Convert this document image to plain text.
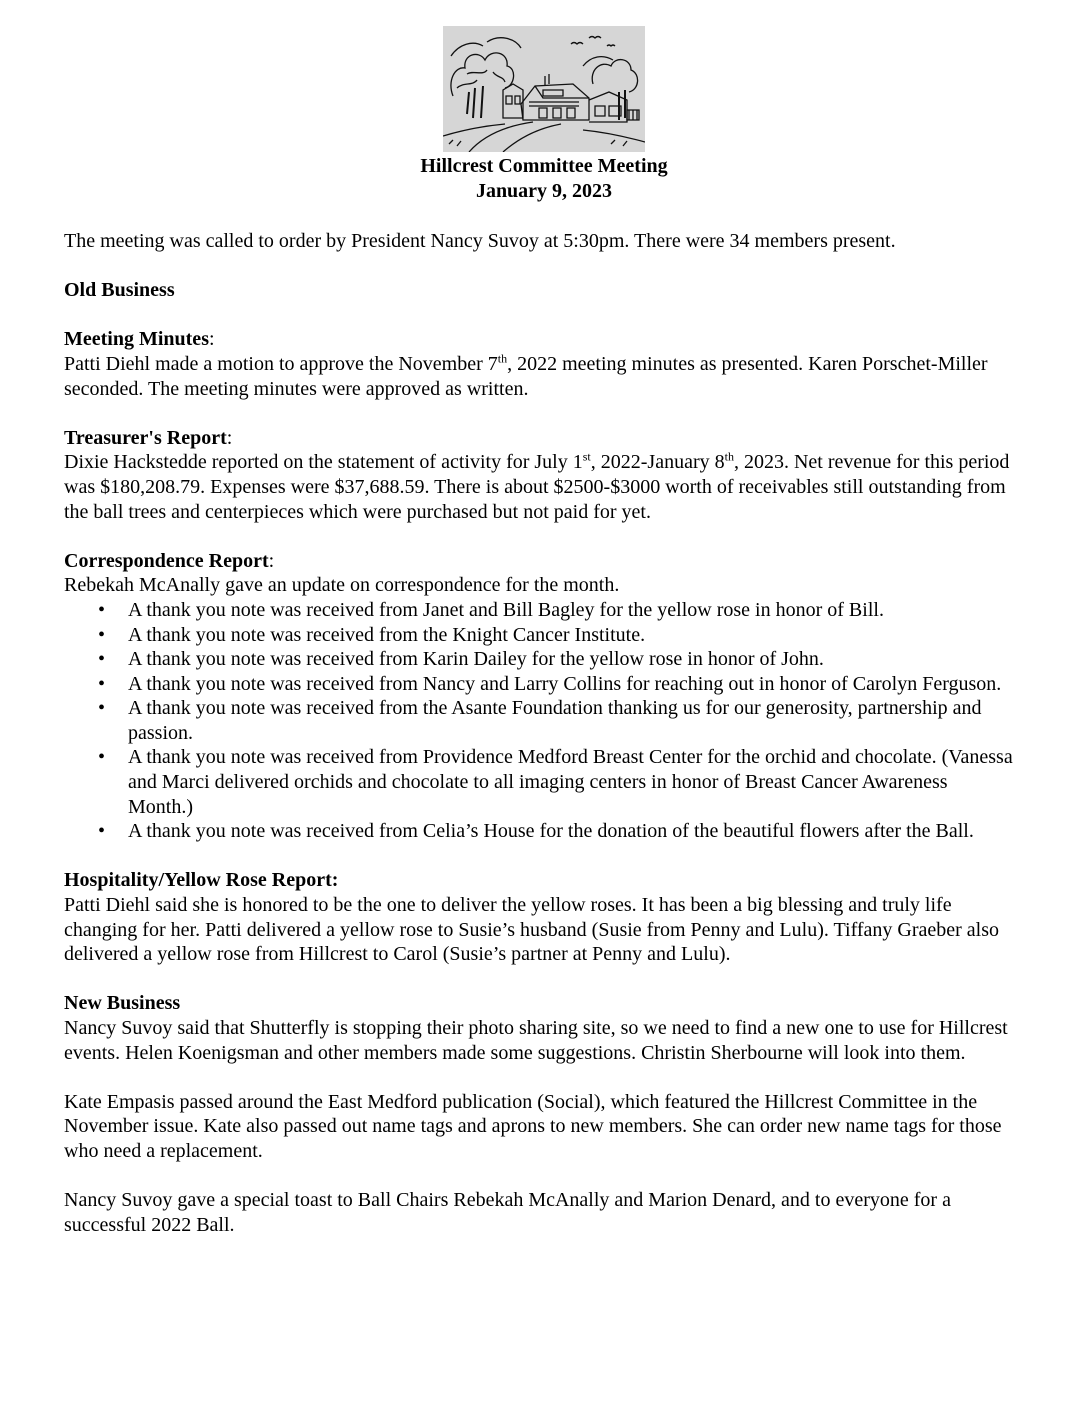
Hillcrest Committee Meeting
January 9, 2023

The meeting was called to order by President Nancy Suvoy at 5:30pm. There were 34 members present.

Old Business

Meeting Minutes:

Patti Diehl made a motion to approve the November 7th, 2022 meeting minutes as presented. Karen Porschet-Miller seconded. The meeting minutes were approved as written.

Treasurer's Report:

Dixie Hackstedde reported on the statement of activity for July 1st, 2022-January 8th, 2023. Net revenue for this period was $180,208.79. Expenses were $37,688.59. There is about $2500-$3000 worth of receivables still outstanding from the ball trees and centerpieces which were purchased but not paid for yet.

Correspondence Report:

Rebekah McAnally gave an update on correspondence for the month.

• A thank you note was received from Janet and Bill Bagley for the yellow rose in honor of Bill.
• A thank you note was received from the Knight Cancer Institute.
• A thank you note was received from Karin Dailey for the yellow rose in honor of John.
• A thank you note was received from Nancy and Larry Collins for reaching out in honor of Carolyn Ferguson.
• A thank you note was received from the Asante Foundation thanking us for our generosity, partnership and passion.
• A thank you note was received from Providence Medford Breast Center for the orchid and chocolate. (Vanessa and Marci delivered orchids and chocolate to all imaging centers in honor of Breast Cancer Awareness Month.)
• A thank you note was received from Celia’s House for the donation of the beautiful flowers after the Ball.

Hospitality/Yellow Rose Report:

Patti Diehl said she is honored to be the one to deliver the yellow roses. It has been a big blessing and truly life changing for her. Patti delivered a yellow rose to Susie’s husband (Susie from Penny and Lulu). Tiffany Graeber also delivered a yellow rose from Hillcrest to Carol (Susie’s partner at Penny and Lulu).

New Business

Nancy Suvoy said that Shutterfly is stopping their photo sharing site, so we need to find a new one to use for Hillcrest events. Helen Koenigsman and other members made some suggestions. Christin Sherbourne will look into them.

Kate Empasis passed around the East Medford publication (Social), which featured the Hillcrest Committee in the November issue. Kate also passed out name tags and aprons to new members. She can order new name tags for those who need a replacement.

Nancy Suvoy gave a special toast to Ball Chairs Rebekah McAnally and Marion Denard, and to everyone for a successful 2022 Ball.
